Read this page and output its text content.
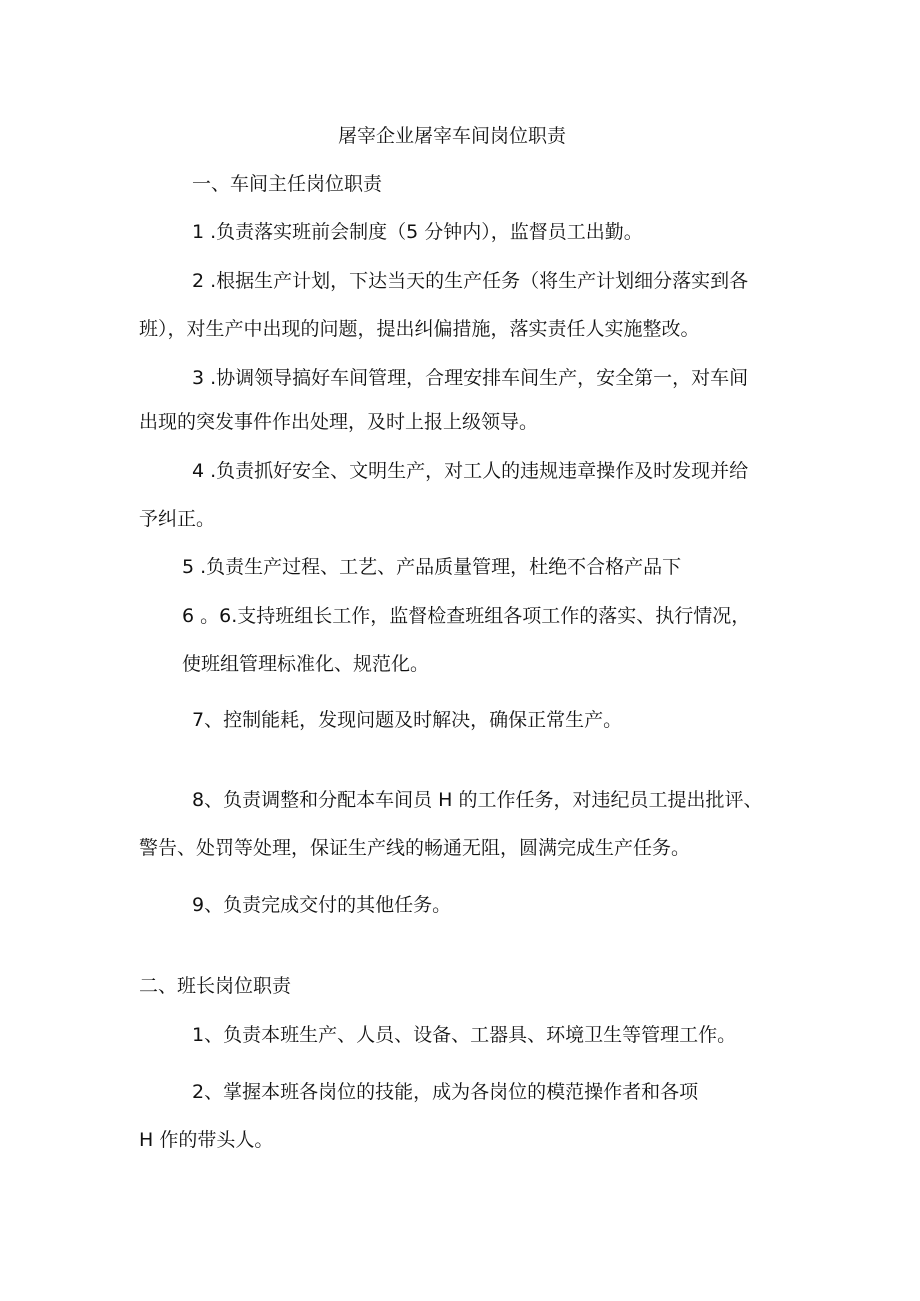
屠宰企业屠宰车间岗位职责
一、车间主任岗位职责
1 .负责落实班前会制度（5 分钟内），监督员工出勤。
2 .根据生产计划，下达当天的生产任务（将生产计划细分落实到各
班），对生产中出现的问题，提出纠偏措施，落实责任人实施整改。
3 .协调领导搞好车间管理，合理安排车间生产，安全第一，对车间
出现的突发事件作出处理，及时上报上级领导。
4 .负责抓好安全、文明生产，对工人的违规违章操作及时发现并给
予纠正。
5 .负责生产过程、工艺、产品质量管理，杜绝不合格产品下
6 。6.支持班组长工作，监督检查班组各项工作的落实、执行情况，
使班组管理标准化、规范化。
7、控制能耗，发现问题及时解决，确保正常生产。
8、负责调整和分配本车间员 H 的工作任务，对违纪员工提出批评、
警告、处罚等处理，保证生产线的畅通无阻，圆满完成生产任务。
9、负责完成交付的其他任务。
二、班长岗位职责
1、负责本班生产、人员、设备、工器具、环境卫生等管理工作。
2、掌握本班各岗位的技能，成为各岗位的模范操作者和各项
H 作的带头人。
